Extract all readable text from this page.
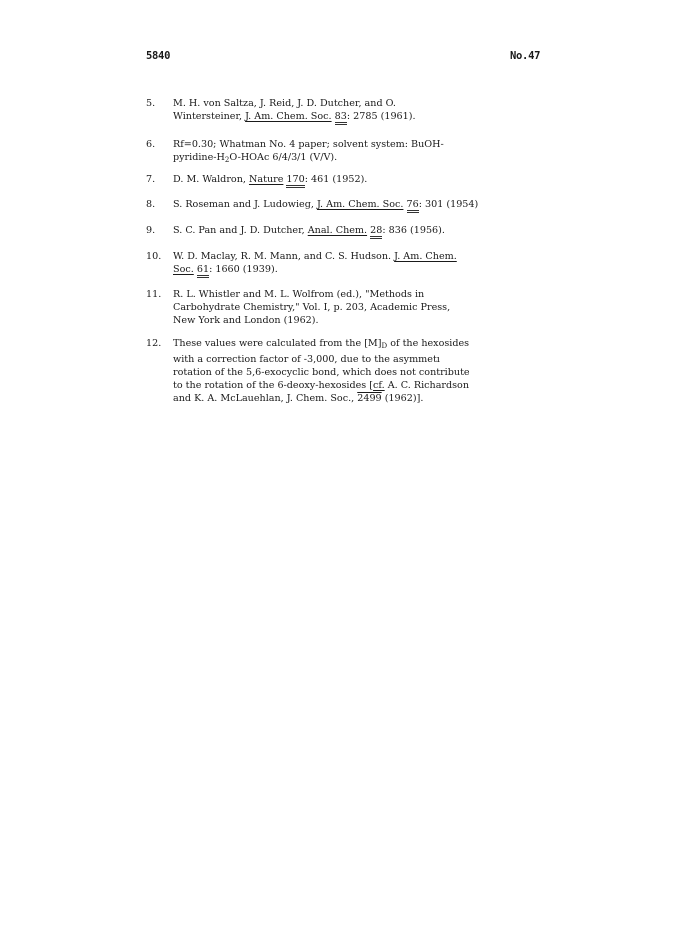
5840	No.47
5.	M. H. von Saltza, J. Reid, J. D. Dutcher, and O.
Wintersteiner, J. Am. Chem. Soc. 83: 2785 (1961).
6.	Rf=0.30; Whatman No. 4 paper; solvent system: BuOH-
pyridine-$H_2O$-HOAc 6/4/3/1 (V/V).
7.	D. M. Waldron, Nature 170: 461 (1952).
8.	S. Roseman and J. Ludowieg, J. Am. Chem. Soc. 76: 301 (1954)
9.	S. C. Pan and J. D. Dutcher, Anal. Chem. 28: 836 (1956).
10.	W. D. Maclay, R. M. Mann, and C. S. Hudson. J. Am. Chem.
Soc. 61: 1660 (1939).
11.	R. L. Whistler and M. L. Wolfrom (ed.), "Methods in
Carbohydrate Chemistry," Vol. I, p. 203, Academic Press,
New York and London (1962).
12.	These values were calculated from the $[M]_D$ of the hexosides
with a correction factor of -3,000, due to the asymmetı
rotation of the 5,6-exocyclic bond, which does not contribute
to the rotation of the 6-deoxy-hexosides [cf. A. C. Richardson
and K. A. McLauehlan, J. Chem. Soc., 2499 (1962)].
